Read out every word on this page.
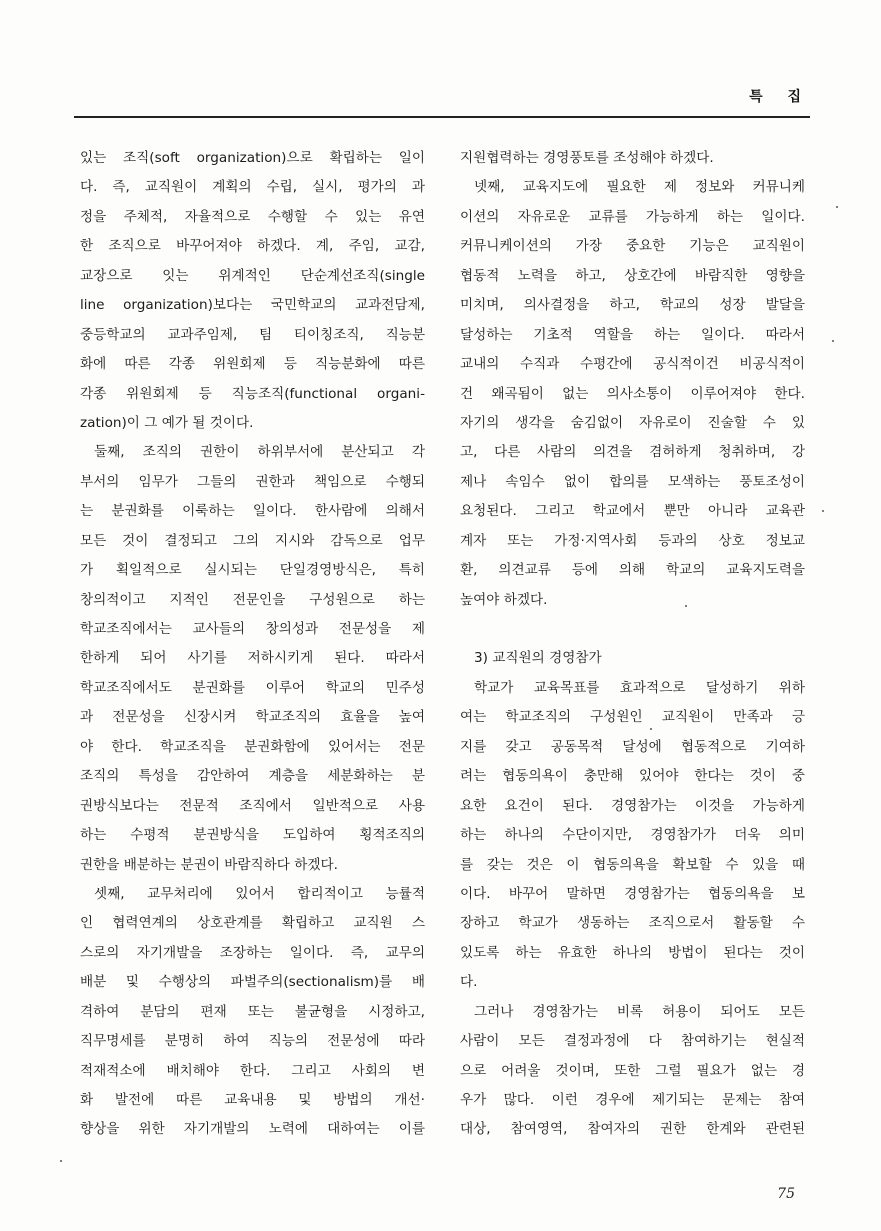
특 집
있는 조직(soft organization)으로 확립하는 일이
다. 즉, 교직원이 계획의 수립, 실시, 평가의 과
정을 주체적, 자율적으로 수행할 수 있는 유연
한 조직으로 바꾸어져야 하겠다. 계, 주임, 교감,
교장으로 잇는 위계적인 단순계선조직(single
line organization)보다는 국민학교의 교과전담제,
중등학교의 교과주임제, 팀 티이칭조직, 직능분
화에 따른 각종 위원회제 등 직능분화에 따른
각종 위원회제 등 직능조직(functional organi-
zation)이 그 예가 될 것이다.
둘째, 조직의 권한이 하위부서에 분산되고 각
부서의 임무가 그들의 권한과 책임으로 수행되
는 분권화를 이룩하는 일이다. 한사람에 의해서
모든 것이 결정되고 그의 지시와 감독으로 업무
가 획일적으로 실시되는 단일경영방식은, 특히
창의적이고 지적인 전문인을 구성원으로 하는
학교조직에서는 교사들의 창의성과 전문성을 제
한하게 되어 사기를 저하시키게 된다. 따라서
학교조직에서도 분권화를 이루어 학교의 민주성
과 전문성을 신장시켜 학교조직의 효율을 높여
야 한다. 학교조직을 분권화함에 있어서는 전문
조직의 특성을 감안하여 계층을 세분화하는 분
권방식보다는 전문적 조직에서 일반적으로 사용
하는 수평적 분권방식을 도입하여 횡적조직의
권한을 배분하는 분권이 바람직하다 하겠다.
셋째, 교무처리에 있어서 합리적이고 능률적
인 협력연계의 상호관계를 확립하고 교직원 스
스로의 자기개발을 조장하는 일이다. 즉, 교무의
배분 및 수행상의 파벌주의(sectionalism)를 배
격하여 분담의 편재 또는 불균형을 시정하고,
직무명세를 분명히 하여 직능의 전문성에 따라
적재적소에 배치해야 한다. 그리고 사회의 변
화 발전에 따른 교육내용 및 방법의 개선·
향상을 위한 자기개발의 노력에 대하여는 이를
지원협력하는 경영풍토를 조성해야 하겠다.
넷째, 교육지도에 필요한 제 정보와 커뮤니케
이션의 자유로운 교류를 가능하게 하는 일이다.
커뮤니케이션의 가장 중요한 기능은 교직원이
협동적 노력을 하고, 상호간에 바람직한 영향을
미치며, 의사결정을 하고, 학교의 성장 발달을
달성하는 기초적 역할을 하는 일이다. 따라서
교내의 수직과 수평간에 공식적이건 비공식적이
건 왜곡됨이 없는 의사소통이 이루어져야 한다.
자기의 생각을 숨김없이 자유로이 진술할 수 있
고, 다른 사람의 의견을 겸허하게 청취하며, 강
제나 속임수 없이 합의를 모색하는 풍토조성이
요청된다. 그리고 학교에서 뿐만 아니라 교육관
계자 또는 가정·지역사회 등과의 상호 정보교
환, 의견교류 등에 의해 학교의 교육지도력을
높여야 하겠다.
3) 교직원의 경영참가
학교가 교육목표를 효과적으로 달성하기 위하
여는 학교조직의 구성원인 교직원이 만족과 긍
지를 갖고 공동목적 달성에 협동적으로 기여하
려는 협동의욕이 충만해 있어야 한다는 것이 중
요한 요건이 된다. 경영참가는 이것을 가능하게
하는 하나의 수단이지만, 경영참가가 더욱 의미
를 갖는 것은 이 협동의욕을 확보할 수 있을 때
이다. 바꾸어 말하면 경영참가는 협동의욕을 보
장하고 학교가 생동하는 조직으로서 활동할 수
있도록 하는 유효한 하나의 방법이 된다는 것이
다.
그러나 경영참가는 비록 허용이 되어도 모든
사람이 모든 결정과정에 다 참여하기는 현실적
으로 어려울 것이며, 또한 그럴 필요가 없는 경
우가 많다. 이런 경우에 제기되는 문제는 참여
대상, 참여영역, 참여자의 권한 한계와 관련된
75
